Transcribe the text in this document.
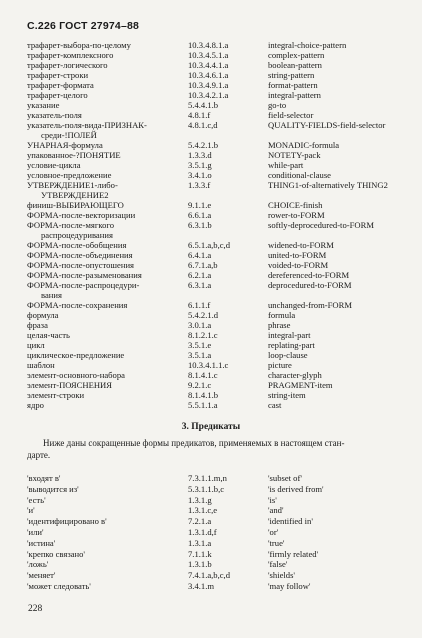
С.226 ГОСТ 27974–88
трафарет-выбора-по-целому	10.3.4.8.1.a	integral-choice-pattern
трафарет-комплексного	10.3.4.5.1.a	complex-pattern
трафарет-логического	10.3.4.4.1.a	boolean-pattern
трафарет-строки	10.3.4.6.1.a	string-pattern
трафарет-формата	10.3.4.9.1.a	format-pattern
трафарет-целого	10.3.4.2.1.a	integral-pattern
указание	5.4.4.1.b	go-to
указатель-поля	4.8.1.f	field-selector
указатель-поля-вида-ПРИЗНАК-	4.8.1.c,d	QUALITY-FIELDS-field-selector
среди-!ПОЛЕЙ
УНАРНАЯ-формула	5.4.2.1.b	MONADIC-formula
упакованное-?ПОНЯТИЕ	1.3.3.d	NOTETY-pack
условие-цикла	3.5.1.g	while-part
условное-предложение	3.4.1.o	conditional-clause
УТВЕРЖДЕНИЕ1-либо-	1.3.3.f	THING1-of-alternatively THING2
УТВЕРЖДЕНИЕ2
финиш-ВЫБИРАЮЩЕГО	9.1.1.e	CHOICE-finish
ФОРМА-после-векторизации	6.6.1.a	rower-to-FORM
ФОРМА-после-мягкого	6.3.1.b	softly-deprocedured-to-FORM
распроцедуривания
ФОРМА-после-обобщения	6.5.1.a,b,c,d	widened-to-FORM
ФОРМА-после-объединения	6.4.1.a	united-to-FORM
ФОРМА-после-опустошения	6.7.1.a,b	voided-to-FORM
ФОРМА-после-разыменования	6.2.1.a	dereferenced-to-FORM
ФОРМА-после-распроцедури-	6.3.1.a	deprocedured-to-FORM
вания
ФОРМА-после-сохранения	6.1.1.f	unchanged-from-FORM
формула	5.4.2.1.d	formula
фраза	3.0.1.a	phrase
целая-часть	8.1.2.1.c	integral-part
цикл	3.5.1.e	replating-part
циклическое-предложение	3.5.1.a	loop-clause
шаблон	10.3.4.1.1.c	picture
элемент-основного-набора	8.1.4.1.c	character-glyph
элемент-ПОЯСНЕНИЯ	9.2.1.c	PRAGMENT-item
элемент-строки	8.1.4.1.b	string-item
ядро	5.5.1.1.a	cast
3. Предикаты
Ниже даны сокращенные формы предикатов, применяемых в настоящем стан-
дарте.
'входят в'	7.3.1.1.m,n	'subset of'
'выводится из'	5.3.1.1.b,c	'is derived from'
'есть'	1.3.1.g	'is'
'и'	1.3.1.c,e	'and'
'идентифицировано в'	7.2.1.a	'identified in'
'или'	1.3.1.d,f	'or'
'истина'	1.3.1.a	'true'
'крепко связано'	7.1.1.k	'firmly related'
'ложь'	1.3.1.b	'false'
'меняет'	7.4.1.a,b,c,d	'shields'
'может следовать'	3.4.1.m	'may follow'
228
